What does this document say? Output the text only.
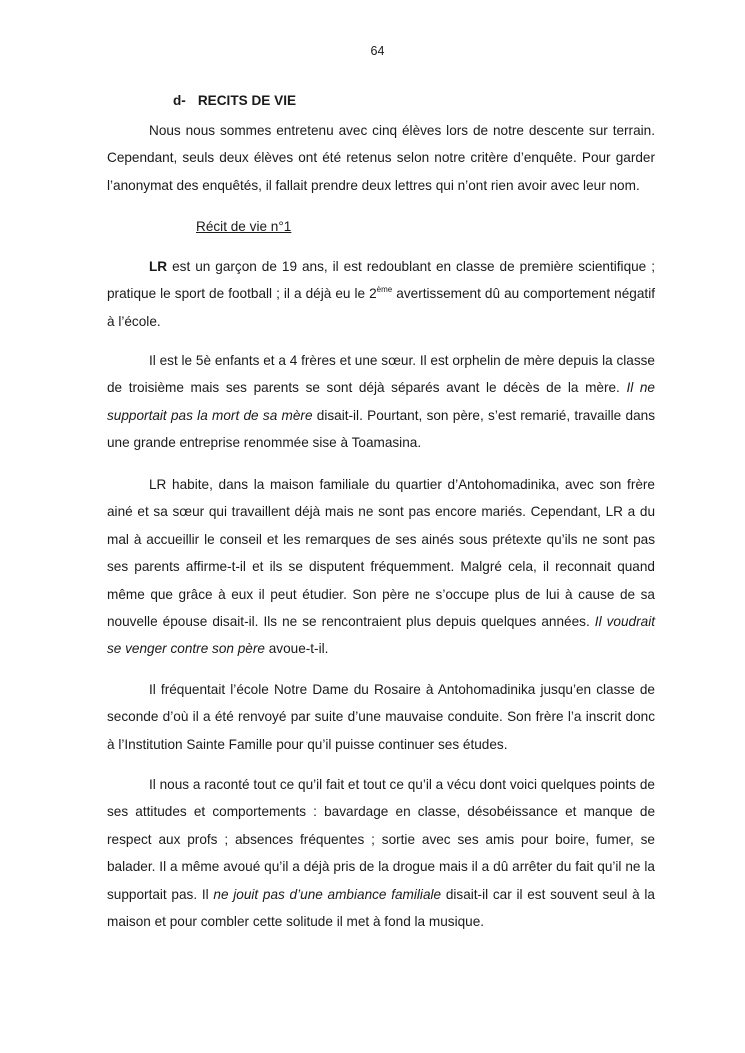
64
d- RECITS DE VIE

Nous nous sommes entretenu avec cinq élèves lors de notre descente sur terrain. Cependant, seuls deux élèves ont été retenus selon notre critère d’enquête. Pour garder l’anonymat des enquêtés, il fallait prendre deux lettres qui n’ont rien avoir avec leur nom.

Récit de vie n°1

LR est un garçon de 19 ans, il est redoublant en classe de première scientifique ; pratique le sport de football ; il a déjà eu le 2ème avertissement dû au comportement négatif à l’école.

Il est le 5è enfants et a 4 frères et une sœur. Il est orphelin de mère depuis la classe de troisième mais ses parents se sont déjà séparés avant le décès de la mère. Il ne supportait pas la mort de sa mère disait-il. Pourtant, son père, s’est remarié, travaille dans une grande entreprise renommée sise à Toamasina.

LR habite, dans la maison familiale du quartier d’Antohomadinika, avec son frère ainé et sa sœur qui travaillent déjà mais ne sont pas encore mariés. Cependant, LR a du mal à accueillir le conseil et les remarques de ses ainés sous prétexte qu’ils ne sont pas ses parents affirme-t-il et ils se disputent fréquemment. Malgré cela, il reconnait quand même que grâce à eux il peut étudier. Son père ne s’occupe plus de lui à cause de sa nouvelle épouse disait-il. Ils ne se rencontraient plus depuis quelques années. Il voudrait se venger contre son père avoue-t-il.

Il fréquentait l’école Notre Dame du Rosaire à Antohomadinika jusqu’en classe de seconde d’où il a été renvoyé par suite d’une mauvaise conduite. Son frère l’a inscrit donc à l’Institution Sainte Famille pour qu’il puisse continuer ses études.

Il nous a raconté tout ce qu’il fait et tout ce qu’il a vécu dont voici quelques points de ses attitudes et comportements : bavardage en classe, désobéissance et manque de respect aux profs ; absences fréquentes ; sortie avec ses amis pour boire, fumer, se balader. Il a même avoué qu’il a déjà pris de la drogue mais il a dû arrêter du fait qu’il ne la supportait pas. Il ne jouit pas d’une ambiance familiale disait-il car il est souvent seul à la maison et pour combler cette solitude il met à fond la musique.
